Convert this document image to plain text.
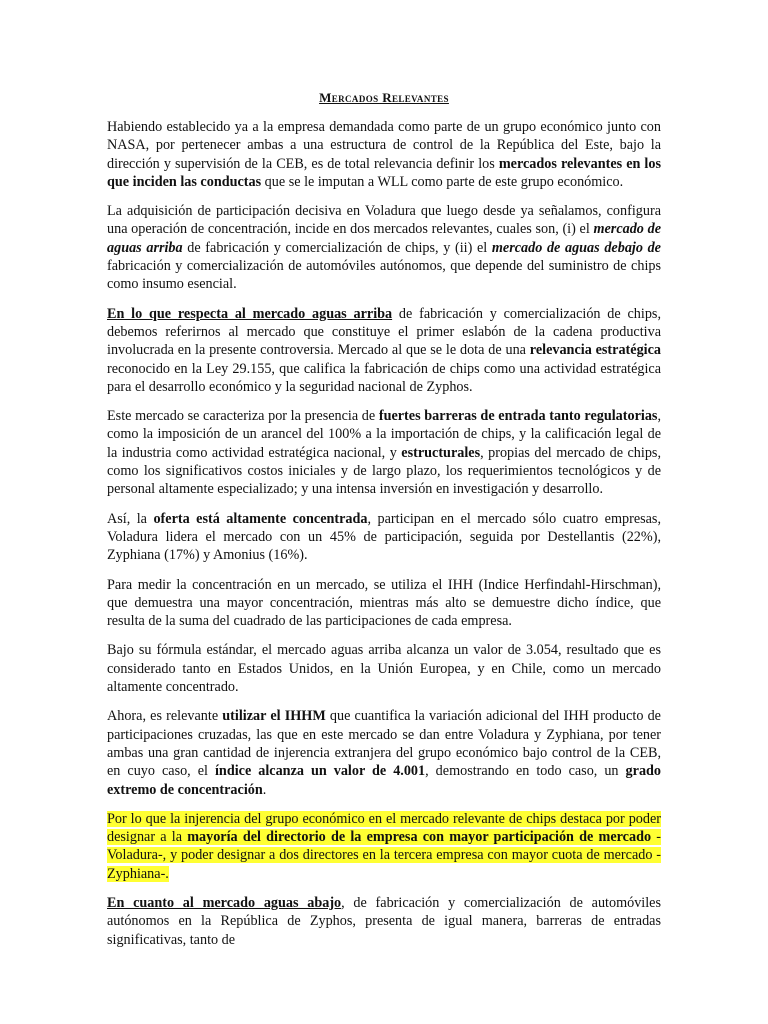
Mercados Relevantes

Habiendo establecido ya a la empresa demandada como parte de un grupo económico junto con NASA, por pertenecer ambas a una estructura de control de la República del Este, bajo la dirección y supervisión de la CEB, es de total relevancia definir los mercados relevantes en los que inciden las conductas que se le imputan a WLL como parte de este grupo económico.

La adquisición de participación decisiva en Voladura que luego desde ya señalamos, configura una operación de concentración, incide en dos mercados relevantes, cuales son, (i) el mercado de aguas arriba de fabricación y comercialización de chips, y (ii) el mercado de aguas debajo de fabricación y comercialización de automóviles autónomos, que depende del suministro de chips como insumo esencial.

En lo que respecta al mercado aguas arriba de fabricación y comercialización de chips, debemos referirnos al mercado que constituye el primer eslabón de la cadena productiva involucrada en la presente controversia. Mercado al que se le dota de una relevancia estratégica reconocido en la Ley 29.155, que califica la fabricación de chips como una actividad estratégica para el desarrollo económico y la seguridad nacional de Zyphos.

Este mercado se caracteriza por la presencia de fuertes barreras de entrada tanto regulatorias, como la imposición de un arancel del 100% a la importación de chips, y la calificación legal de la industria como actividad estratégica nacional, y estructurales, propias del mercado de chips, como los significativos costos iniciales y de largo plazo, los requerimientos tecnológicos y de personal altamente especializado; y una intensa inversión en investigación y desarrollo.

Así, la oferta está altamente concentrada, participan en el mercado sólo cuatro empresas, Voladura lidera el mercado con un 45% de participación, seguida por Destellantis (22%), Zyphiana (17%) y Amonius (16%).

Para medir la concentración en un mercado, se utiliza el IHH (Indice Herfindahl-Hirschman), que demuestra una mayor concentración, mientras más alto se demuestre dicho índice, que resulta de la suma del cuadrado de las participaciones de cada empresa.

Bajo su fórmula estándar, el mercado aguas arriba alcanza un valor de 3.054, resultado que es considerado tanto en Estados Unidos, en la Unión Europea, y en Chile, como un mercado altamente concentrado.

Ahora, es relevante utilizar el IHHM que cuantifica la variación adicional del IHH producto de participaciones cruzadas, las que en este mercado se dan entre Voladura y Zyphiana, por tener ambas una gran cantidad de injerencia extranjera del grupo económico bajo control de la CEB, en cuyo caso, el índice alcanza un valor de 4.001, demostrando en todo caso, un grado extremo de concentración.

Por lo que la injerencia del grupo económico en el mercado relevante de chips destaca por poder designar a la mayoría del directorio de la empresa con mayor participación de mercado -Voladura-, y poder designar a dos directores en la tercera empresa con mayor cuota de mercado -Zyphiana-.

En cuanto al mercado aguas abajo, de fabricación y comercialización de automóviles autónomos en la República de Zyphos, presenta de igual manera, barreras de entradas significativas, tanto de
